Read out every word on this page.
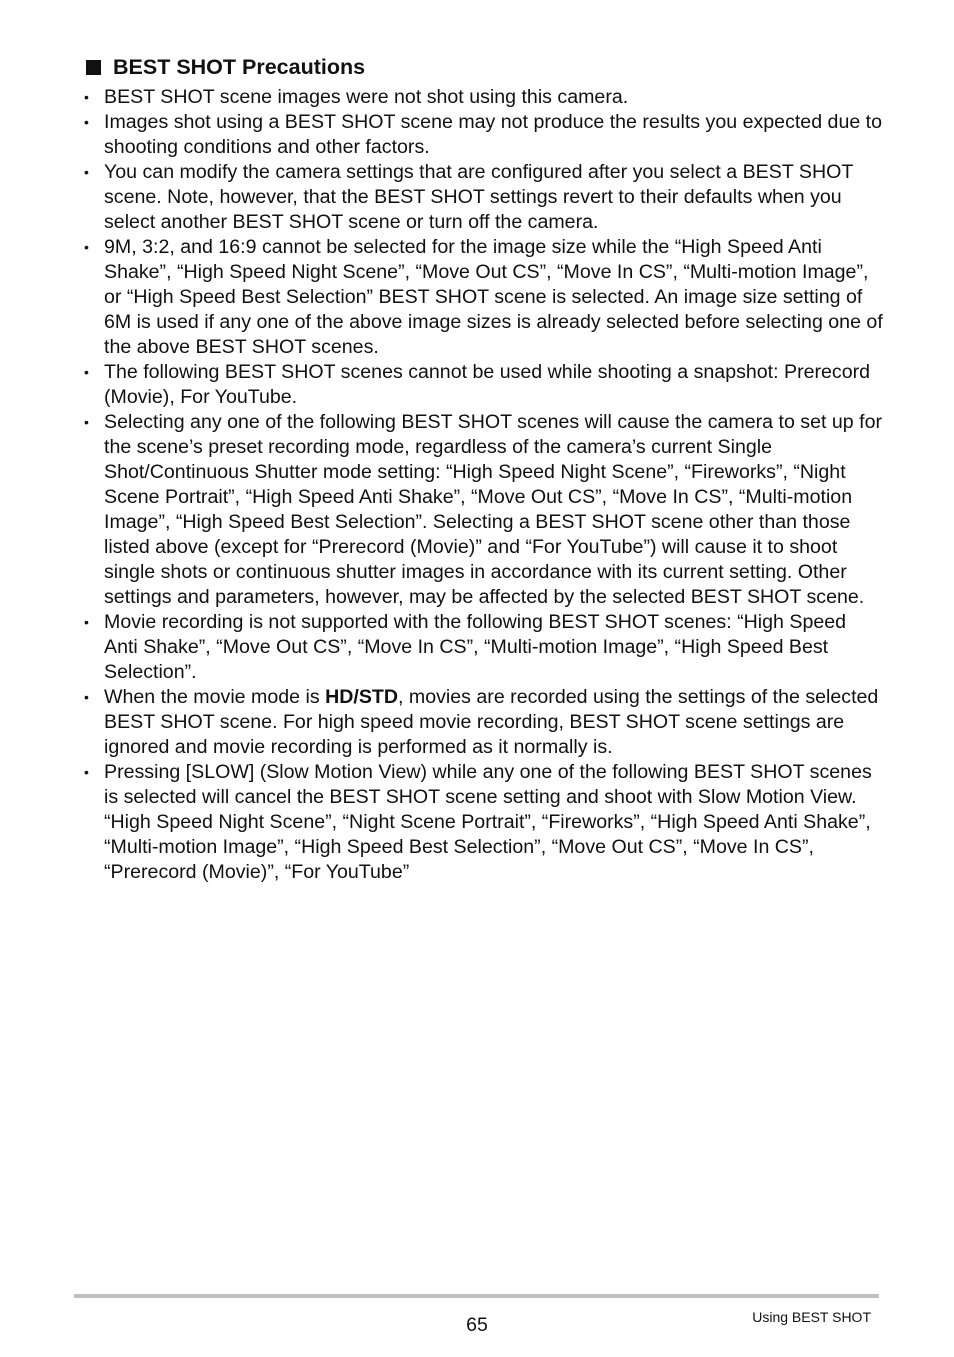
BEST SHOT Precautions
• BEST SHOT scene images were not shot using this camera.
• Images shot using a BEST SHOT scene may not produce the results you expected due to shooting conditions and other factors.
• You can modify the camera settings that are configured after you select a BEST SHOT scene. Note, however, that the BEST SHOT settings revert to their defaults when you select another BEST SHOT scene or turn off the camera.
• 9M, 3:2, and 16:9 cannot be selected for the image size while the “High Speed Anti Shake”, “High Speed Night Scene”, “Move Out CS”, “Move In CS”, “Multi-motion Image”, or “High Speed Best Selection” BEST SHOT scene is selected. An image size setting of 6M is used if any one of the above image sizes is already selected before selecting one of the above BEST SHOT scenes.
• The following BEST SHOT scenes cannot be used while shooting a snapshot: Prerecord (Movie), For YouTube.
• Selecting any one of the following BEST SHOT scenes will cause the camera to set up for the scene’s preset recording mode, regardless of the camera’s current Single Shot/Continuous Shutter mode setting: “High Speed Night Scene”, “Fireworks”, “Night Scene Portrait”, “High Speed Anti Shake”, “Move Out CS”, “Move In CS”, “Multi-motion Image”, “High Speed Best Selection”. Selecting a BEST SHOT scene other than those listed above (except for “Prerecord (Movie)” and “For YouTube”) will cause it to shoot single shots or continuous shutter images in accordance with its current setting. Other settings and parameters, however, may be affected by the selected BEST SHOT scene.
• Movie recording is not supported with the following BEST SHOT scenes: “High Speed Anti Shake”, “Move Out CS”, “Move In CS”, “Multi-motion Image”, “High Speed Best Selection”.
• When the movie mode is HD/STD, movies are recorded using the settings of the selected BEST SHOT scene. For high speed movie recording, BEST SHOT scene settings are ignored and movie recording is performed as it normally is.
• Pressing [SLOW] (Slow Motion View) while any one of the following BEST SHOT scenes is selected will cancel the BEST SHOT scene setting and shoot with Slow Motion View.
“High Speed Night Scene”, “Night Scene Portrait”, “Fireworks”, “High Speed Anti Shake”, “Multi-motion Image”, “High Speed Best Selection”, “Move Out CS”, “Move In CS”, “Prerecord (Movie)”, “For YouTube”
65	Using BEST SHOT
